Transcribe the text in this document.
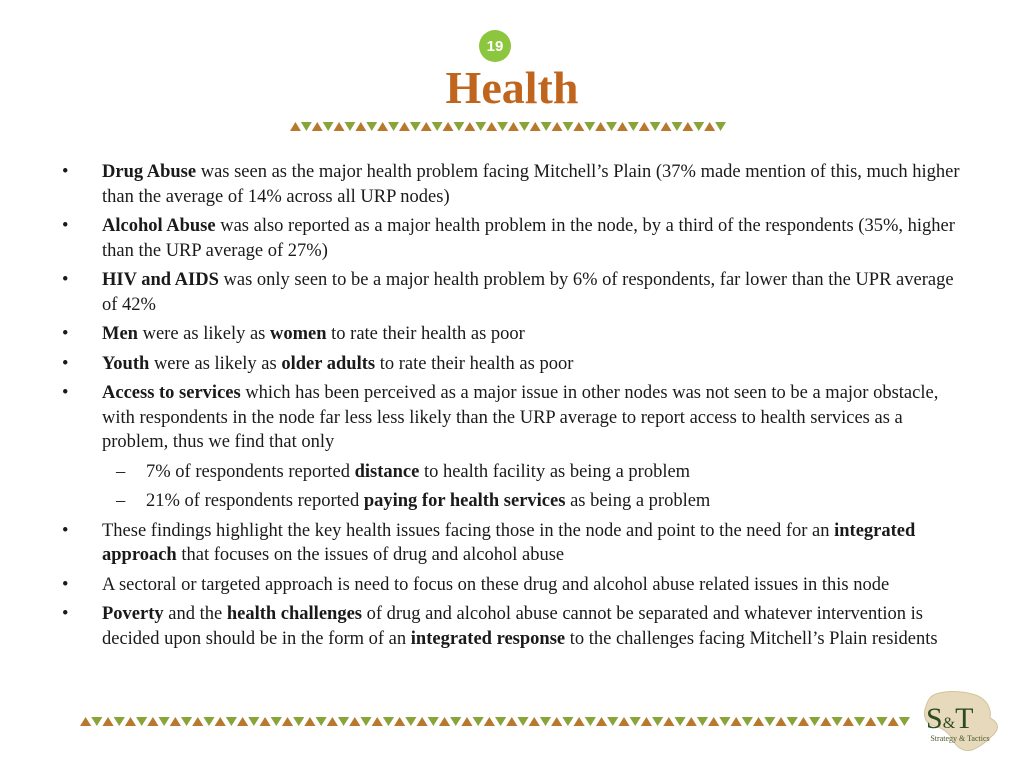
19
Health
• Drug Abuse was seen as the major health problem facing Mitchell’s Plain (37% made mention of this, much higher than the average of 14% across all URP nodes)
• Alcohol Abuse was also reported as a major health problem in the node, by a third of the respondents (35%, higher than the URP average of 27%)
• HIV and AIDS was only seen to be a major health problem by 6% of respondents, far lower than the UPR average of 42%
• Men were as likely as women to rate their health as poor
• Youth were as likely as older adults to rate their health as poor
• Access to services which has been perceived as a major issue in other nodes was not seen to be a major obstacle, with respondents in the node far less less likely than the URP average to report access to health services as a problem, thus we find that only
– 7% of respondents reported distance to health facility as being a problem
– 21% of respondents reported paying for health services as being a problem
• These findings highlight the key health issues facing those in the node and point to the need for an integrated approach that focuses on the issues of drug and alcohol abuse
• A sectoral or targeted approach is need to focus on these drug and alcohol abuse related issues in this node
• Poverty and the health challenges of drug and alcohol abuse cannot be separated and whatever intervention is decided upon should be in the form of an integrated response to the challenges facing Mitchell’s Plain residents
S&T
Strategy & Tactics
